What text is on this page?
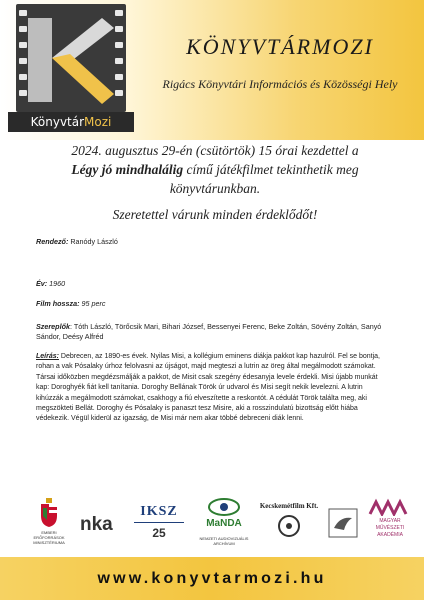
KönyvtárMozi
KÖNYVTÁRMOZI
Rigács Könyvtári Információs és Közösségi Hely
2024. augusztus 29-én (csütörtök) 15 órai kezdettel a
Légy jó mindhalálig című játékfilmet tekinthetik meg
könyvtárunkban.
Szeretettel várunk minden érdeklődőt!
Rendező: Ranódy László
Év: 1960
Film hossza: 95 perc
Szereplők: Tóth László, Törőcsik Mari, Bihari József, Bessenyei Ferenc, Beke Zoltán, Sövény Zoltán, Sanyó Sándor, Deésy Alfréd
Leírás: Debrecen, az 1890-es évek. Nyilas Misi, a kollégium eminens diákja pakkot kap hazulról. Fel se bontja, rohan a vak Pósalaky úrhoz felolvasni az újságot, majd megteszi a lutrin az öreg által megálmodott számokat. Társai időközben megdézsmálják a pakkot, de Misit csak szegény édesanyja levele érdekli. Misi újabb munkát kap: Doroghyék fiát kell tanítania. Doroghy Bellának Török úr udvarol és Misi segít nekik levelezni. A lutrin kihúzzák a megálmodott számokat, csakhogy a fiú elveszítette a reskontót. A cédulát Török találta meg, aki megszökteti Bellát. Doroghy és Pósalaky is panaszt tesz Misire, aki a rosszindulatú bizottság előtt hiába védekezik. Végül kiderül az igazság, de Misi már nem akar többé debreceni diák lenni.
EMBERI ERŐFORRÁSOK MINISZTÉRIUMA
nka
IKSZ
25
MaNDA
NEMZETI AUDIOVIZUÁLIS ARCHÍVUM
Kecskemétfilm Kft.
MAGYAR
MŰVÉSZETI
AKADÉMIA
www.konyvtarmozi.hu
